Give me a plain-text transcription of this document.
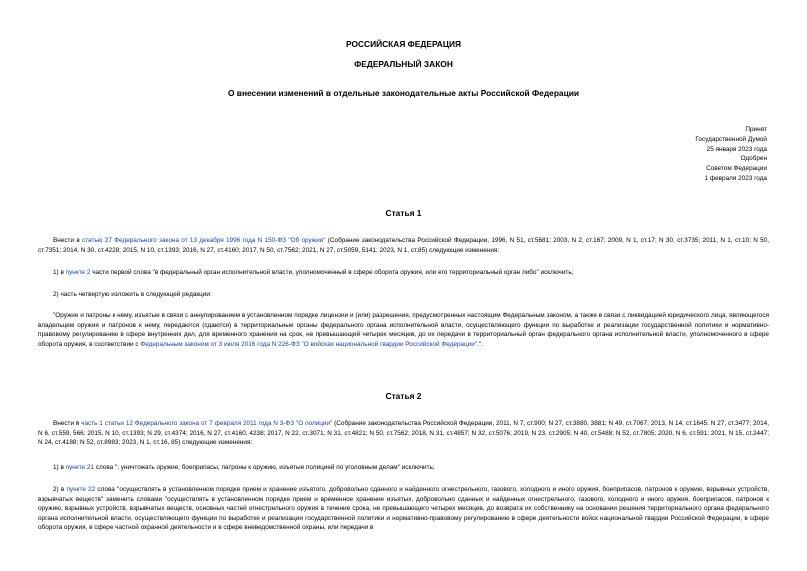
РОССИЙСКАЯ ФЕДЕРАЦИЯ
ФЕДЕРАЛЬНЫЙ ЗАКОН
О внесении изменений в отдельные законодательные акты Российской Федерации
Принят
Государственной Думой
25 января 2023 года
Одобрен
Советом Федерации
1 февраля 2023 года
Статья 1
Внести в статью 27 Федерального закона от 13 декабря 1996 года N 150-ФЗ "Об оружии" (Собрание законодательства Российской Федерации, 1996, N 51, ст.5681; 2003, N 2, ст.167; 2009, N 1, ст.17; N 30, ст.3735; 2011, N 1, ст.10; N 50, ст.7351; 2014, N 30, ст.4228; 2015, N 10, ст.1393; 2016, N 27, ст.4160; 2017, N 50, ст.7562; 2021, N 27, ст.5059, 5141; 2023, N 1, ст.85) следующие изменения:
1) в пункте 2 части первой слова "в федеральный орган исполнительной власти, уполномоченный в сфере оборота оружия, или его территориальный орган либо" исключить;
2) часть четвертую изложить в следующей редакции:
"Оружие и патроны к нему, изъятые в связи с аннулированием в установленном порядке лицензии и (или) разрешения, предусмотренных настоящим Федеральным законом, а также в связи с ликвидацией юридического лица, являющегося владельцем оружия и патронов к нему, передаются (сдаются) в территориальные органы федерального органа исполнительной власти, осуществляющего функции по выработке и реализации государственной политики и нормативно-правовому регулированию в сфере внутренних дел, для временного хранения на срок, не превышающий четырех месяцев, до их передачи в территориальный орган федерального органа исполнительной власти, уполномоченного в сфере оборота оружия, в соответствии с Федеральным законом от 3 июля 2016 года N 226-ФЗ "О войсках национальной гвардии Российской Федерации".".
Статья 2
Внести в часть 1 статьи 12 Федерального закона от 7 февраля 2011 года N 3-ФЗ "О полиции" (Собрание законодательства Российской Федерации, 2011, N 7, ст.900; N 27, ст.3880, 3881; N 49, ст.7067; 2013, N 14, ст.1645; N 27, ст.3477; 2014, N 6, ст.559, 566; 2015, N 10, ст.1393; N 29, ст.4374; 2016, N 27, ст.4160, 4238; 2017, N 22, ст.3071; N 31, ст.4821; N 50, ст.7562; 2018, N 31, ст.4857; N 32, ст.5076; 2019, N 23, ст.2905; N 40, ст.5488; N 52, ст.7805; 2020, N 6, ст.591; 2021, N 15, ст.2447; N 24, ст.4188; N 52, ст.8983; 2023, N 1, ст.16, 85) следующие изменения:
1) в пункте 21 слова "; уничтожать оружие, боеприпасы, патроны к оружию, изъятые полицией по уголовным делам" исключить;
2) в пункте 22 слова "осуществлять в установленном порядке прием и хранение изъятого, добровольно сданного и найденного огнестрельного, газового, холодного и иного оружия, боеприпасов, патронов к оружию, взрывных устройств, взрывчатых веществ" заменить словами "осуществлять в установленном порядке прием и временное хранение изъятых, добровольно сданных и найденных огнестрельного, газового, холодного и иного оружия, боеприпасов, патронов к оружию, взрывных устройств, взрывчатых веществ, основных частей огнестрельного оружия в течение срока, не превышающего четырех месяцев, до возврата их собственнику на основании решения территориального органа федерального органа исполнительной власти, осуществляющего функции по выработке и реализации государственной политики и нормативно-правовому регулированию в сфере деятельности войск национальной гвардии Российской Федерации, в сфере оборота оружия, в сфере частной охранной деятельности и в сфере вневедомственной охраны, или передачи в
